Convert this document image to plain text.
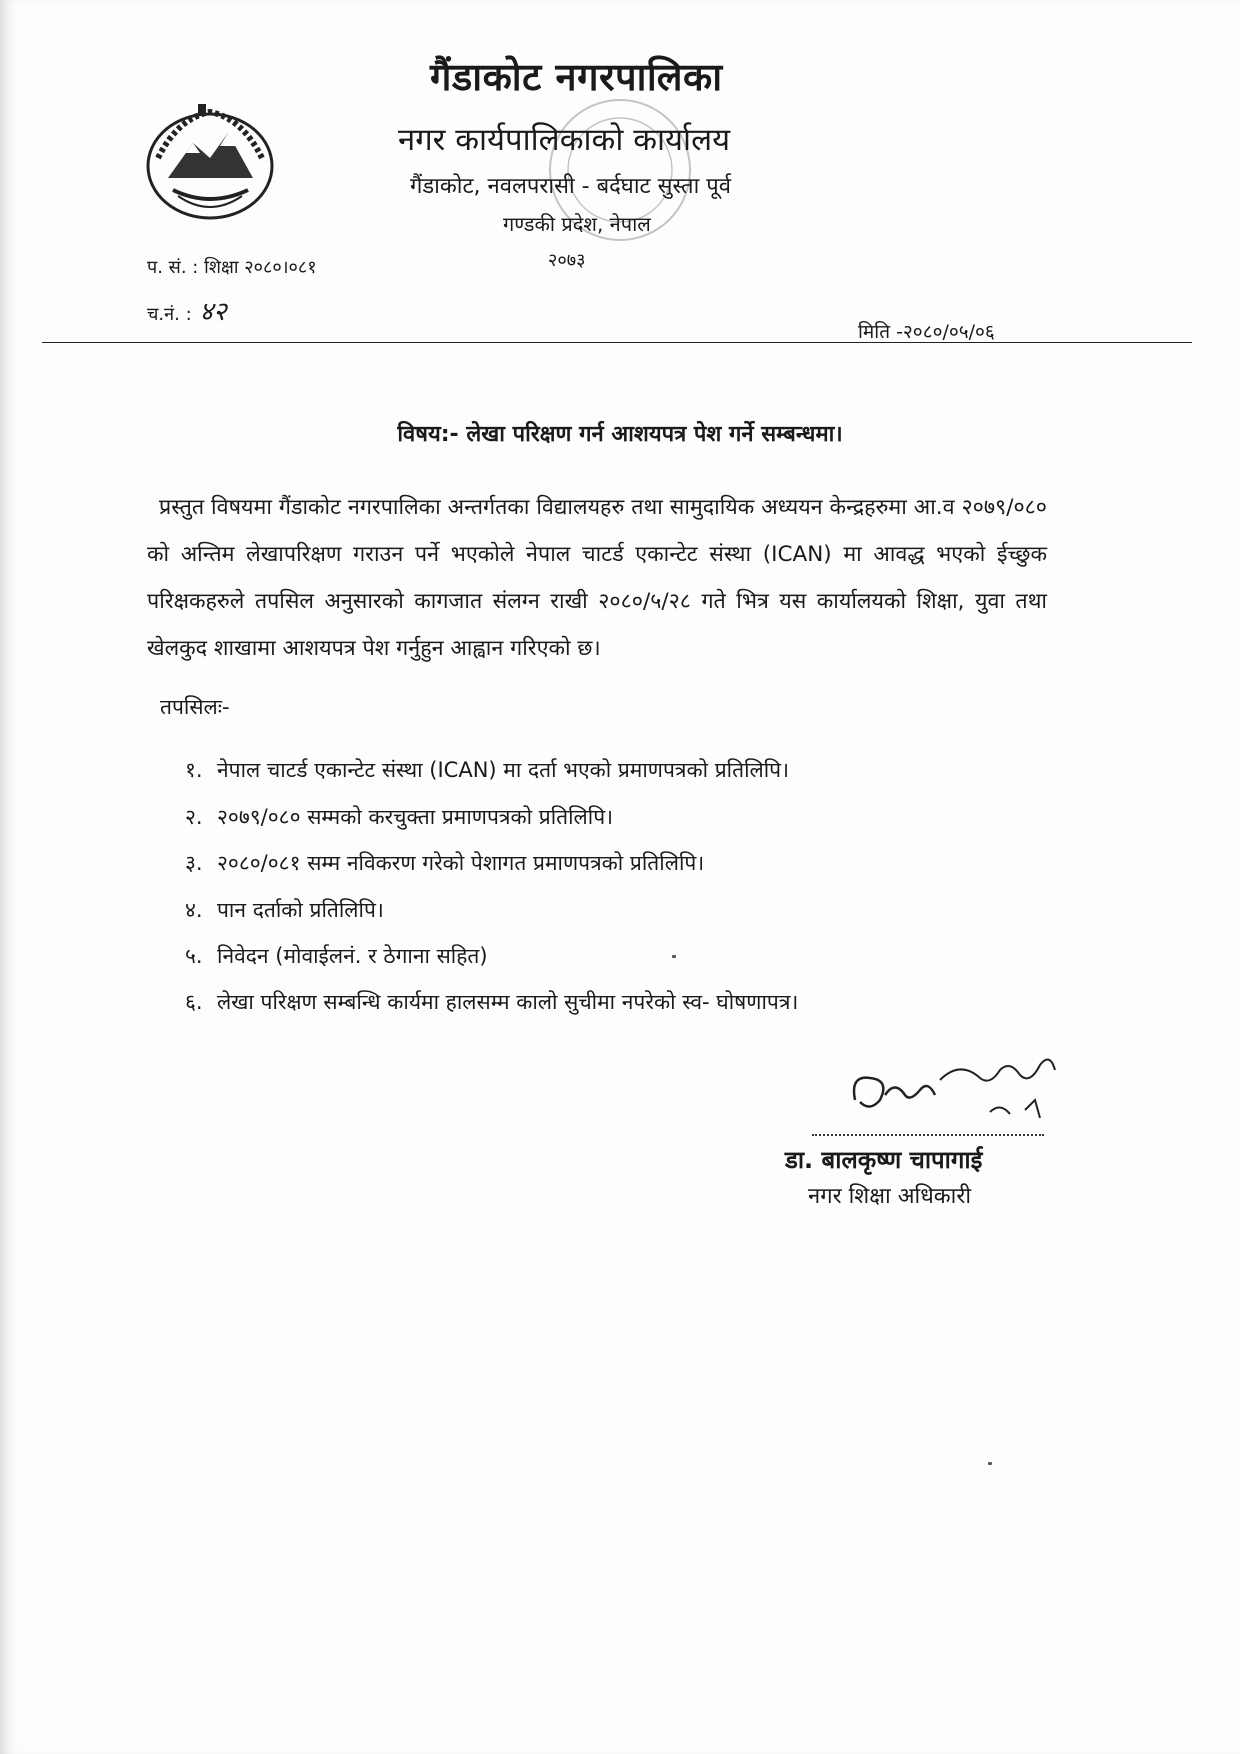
गैंडाकोट नगरपालिका
नगर कार्यपालिकाको कार्यालय
गैंडाकोट, नवलपरासी - बर्दघाट सुस्ता पूर्व
गण्डकी प्रदेश, नेपाल
२०७३
प. सं. : शिक्षा २०८०।०८१
च.नं. : ४२
मिति -२०८०/०५/०६
विषय:- लेखा परिक्षण गर्न आशयपत्र पेश गर्ने सम्बन्धमा।
प्रस्तुत विषयमा गैंडाकोट नगरपालिका अन्तर्गतका विद्यालयहरु तथा सामुदायिक अध्ययन केन्द्रहरुमा आ.व २०७९/०८० को अन्तिम लेखापरिक्षण गराउन पर्ने भएकोले नेपाल चाटर्ड एकान्टेट संस्था (ICAN) मा आवद्ध भएको ईच्छुक परिक्षकहरुले तपसिल अनुसारको कागजात संलग्न राखी २०८०/५/२८ गते भित्र यस कार्यालयको शिक्षा, युवा तथा खेलकुद शाखामा आशयपत्र पेश गर्नुहुन आह्वान गरिएको छ।
तपसिलः-
१. नेपाल चाटर्ड एकान्टेट संस्था (ICAN) मा दर्ता भएको प्रमाणपत्रको प्रतिलिपि।
२. २०७९/०८० सम्मको करचुक्ता प्रमाणपत्रको प्रतिलिपि।
३. २०८०/०८१ सम्म नविकरण गरेको पेशागत प्रमाणपत्रको प्रतिलिपि।
४. पान दर्ताको प्रतिलिपि।
५. निवेदन (मोवाईलनं. र ठेगाना सहित)
६. लेखा परिक्षण सम्बन्धि कार्यमा हालसम्म कालो सुचीमा नपरेको स्व- घोषणापत्र।
डा. बालकृष्ण चापागाई
नगर शिक्षा अधिकारी
